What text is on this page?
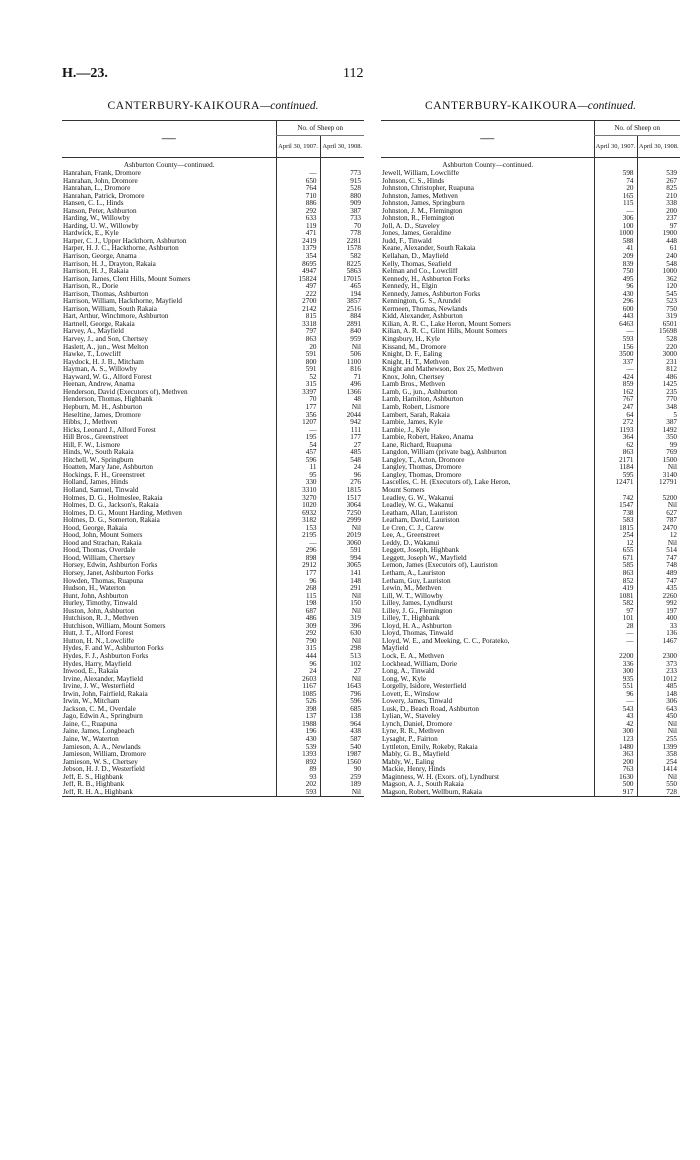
H.—23.	112
CANTERBURY-KAIKOURA—continued.
—	No. of Sheep on	
	April 30, 1907.	April 30, 1908.
Ashburton County—continued.		
Hanrahan, Frank, Dromore	—	773
Hanrahan, John, Dromore	650	915
Hanrahan, L., Dromore	764	528
Hanrahan, Patrick, Dromore	710	880
Hansen, C. L., Hinds	886	909
Hanson, Peter, Ashburton	292	387
Harding, W., Willowby	633	733
Harding, U. W., Willowby	119	70
Hardwick, E., Kyle	471	778
Harper, C. J., Upper Hackthorn, Ashburton	2419	2281
Harper, H. J. C., Hackthorne, Ashburton	1379	1578
Harrison, George, Anama	354	582
Harrison, H. J., Drayton, Rakaia	8695	8225
Harrison, H. J., Rakaia	4947	5863
Harrison, James, Clent Hills, Mount Somers	15824	17015
Harrison, R., Dorie	497	465
Harrison, Thomas, Ashburton	222	194
Harrison, William, Hackthorne, Mayfield	2700	3857
Harrison, William, South Rakaia	2142	2516
Hart, Arthur, Winchmore, Ashburton	815	884
Hartnell, George, Rakaia	3318	2891
Harvey, A., Mayfield	797	840
Harvey, J., and Son, Chertsey	863	959
Haslett, A., jun., West Melton	20	Nil
Hawke, T., Lowcliff	591	506
Haydock, H. J. B., Mitcham	800	1100
Hayman, A. S., Willowby	591	816
Hayward, W. G., Alford Forest	52	71
Heenan, Andrew, Anama	315	496
Henderson, David (Executors of), Methven	3397	1366
Henderson, Thomas, Highbank	70	48
Hepburn, M. H., Ashburton	177	Nil
Heseltine, James, Dromore	356	2044
Hibbs, J., Methven	1207	942
Hicks, Leonard J., Alford Forest	—	111
Hill Bros., Greenstreet	195	177
Hill, F. W., Lismore	54	27
Hinds, W., South Rakaia	457	485
Hitchell, W., Springburn	596	548
Hoatten, Mary Jane, Ashburton	11	24
Hockings, F. H., Greenstreet	95	96
Holland, James, Hinds	330	276
Holland, Samuel, Tinwald	3310	1815
Holmes, D. G., Holmeslee, Rakaia	3270	1517
Holmes, D. G., Jackson's, Rakaia	1020	3064
Holmes, D. G., Mount Harding, Methven	6932	7250
Holmes, D. G., Somerton, Rakaia	3182	2999
Hood, George, Rakaia	153	Nil
Hood, John, Mount Somers	2195	2019
Hood and Strachan, Rakaia	—	3060
Hood, Thomas, Overdale	296	591
Hood, William, Chertsey	898	994
Horsey, Edwin, Ashburton Forks	2912	3065
Horsey, Janet, Ashburton Forks	177	141
Howden, Thomas, Ruapuna	96	148
Hudson, H., Waterton	268	291
Hunt, John, Ashburton	115	Nil
Hurley, Timothy, Tinwald	198	150
Huston, John, Ashburton	687	Nil
Hutchison, R. J., Methven	486	319
Hutchison, William, Mount Somers	309	396
Hutt, J. T., Alford Forest	292	630
Hutton, H. N., Lowcliffe	790	Nil
Hydes, F. and W., Ashburton Forks	315	298
Hydes, F. J., Ashburton Forks	444	513
Hydes, Harry, Mayfield	96	102
Inwood, E., Rakaia	24	27
Irvine, Alexander, Mayfield	2603	Nil
Irvine, J. W., Westerfield	1167	1643
Irwin, John, Fairfield, Rakaia	1085	796
Irwin, W., Mitcham	526	596
Jackson, C. M., Overdale	398	685
Jago, Edwin A., Springburn	137	138
Jaine, C., Ruapuna	1988	964
Jaine, James, Longbeach	196	438
Jaine, W., Waterton	430	587
Jamieson, A. A., Newlands	539	540
Jamieson, William, Dromore	1393	1987
Jamieson, W. S., Chertsey	892	1560
Jebson, H. J. D., Westerfield	89	90
Jeff, E. S., Highbank	93	259
Jeff, R. B., Highbank	202	189
Jeff, R. H. A., Highbank	593	Nil
CANTERBURY-KAIKOURA—continued.
—	No. of Sheep on	
	April 30, 1907.	April 30, 1908.
Ashburton County—continued.		
Jewell, William, Lowcliffe	598	539
Johnson, C. S., Hinds	74	267
Johnston, Christopher, Ruapuna	20	825
Johnston, James, Methven	165	210
Johnston, James, Springburn	115	338
Johnston, J. M., Flemington	—	200
Johnston, R., Flemington	306	237
Joll, A. D., Staveley	100	97
Jones, James, Geraldine	1000	1900
Judd, F., Tinwald	588	448
Keane, Alexander, South Rakaia	41	61
Kellahan, D., Mayfield	209	240
Kelly, Thomas, Seafield	839	548
Kelman and Co., Lowcliff	750	1000
Kennedy, H., Ashburton Forks	495	362
Kennedy, H., Elgin	96	120
Kennedy, James, Ashburton Forks	430	545
Kennington, G. S., Arundel	296	523
Kermeen, Thomas, Newlands	600	750
Kidd, Alexander, Ashburton	443	319
Kilian, A. R. C., Lake Heron, Mount Somers	6463	6501
Kilian, A. R. C., Glint Hills, Mount Somers	—	15698
Kingsbury, H., Kyle	593	528
Kissand, M., Dromore	156	220
Knight, D. F., Ealing	3500	3000
Knight, H. T., Methven	337	231
Knight and Mathewson, Box 25, Methven	—	812
Knox, John, Chertsey	424	486
Lamb Bros., Methven	859	1425
Lamb, G., jun., Ashburton	162	235
Lamb, Hamilton, Ashburton	767	770
Lamb, Robert, Lismore	247	348
Lambert, Sarah, Rakaia	64	5
Lambie, James, Kyle	272	387
Lambie, J., Kyle	1193	1492
Lambie, Robert, Hakeo, Anama	364	350
Lane, Richard, Ruapuna	62	99
Langdon, William (private bag), Ashburton	863	769
Langley, T., Acton, Dromore	2171	1500
Langley, Thomas, Dromore	1184	Nil
Langley, Thomas, Dromore	595	3140
Lascelles, C. H. (Executors of), Lake Heron,	12471	12791
Mount Somers		
Leadley, G. W., Wakanui	742	5200
Leadley, W. G., Wakanui	1547	Nil
Leatham, Allan, Lauriston	738	627
Leatham, David, Lauriston	583	787
Le Cren, C. J., Carew	1815	2470
Lee, A., Greenstreet	254	12
Leddy, D., Wakanui	12	Nil
Leggett, Joseph, Highbank	655	514
Leggett, Joseph W., Mayfield	671	747
Lemon, James (Executors of), Lauriston	585	748
Letham, A., Lauriston	863	489
Letham, Guy, Lauriston	852	747
Lewin, M., Methven	419	435
Lill, W. T., Willowby	1081	2260
Lilley, James, Lyndhurst	582	992
Lilley, J. G., Flemington	97	197
Lilley, T., Highbank	101	400
Lloyd, H. A., Ashburton	28	33
Lloyd, Thomas, Tinwald	—	136
Lloyd, W. E., and Meeking, C. C., Porateko,	—	1467
Mayfield		
Lock, E. A., Methven	2200	2300
Lockhead, William, Dorie	336	373
Long, A., Tinwald	300	233
Long, W., Kyle	935	1012
Lorgelly, Isidore, Westerfield	551	485
Lovett, E., Winslow	96	148
Lowery, James, Tinwald	—	306
Lusk, D., Beach Road, Ashburton	543	643
Lylian, W., Staveley	43	450
Lynch, Daniel, Dromore	42	Nil
Lyne, R. R., Methven	300	Nil
Lysaght, P., Fairton	123	255
Lyttleton, Emily, Rokeby, Rakaia	1480	1399
Mably, G. B., Mayfield	363	358
Mably, W., Ealing	200	254
Mackie, Henry, Hinds	763	1414
Maginness, W. H. (Exors. of), Lyndhurst	1630	Nil
Magson, A. J., South Rakaia	500	550
Magson, Robert, Wellburn, Rakaia	917	728
